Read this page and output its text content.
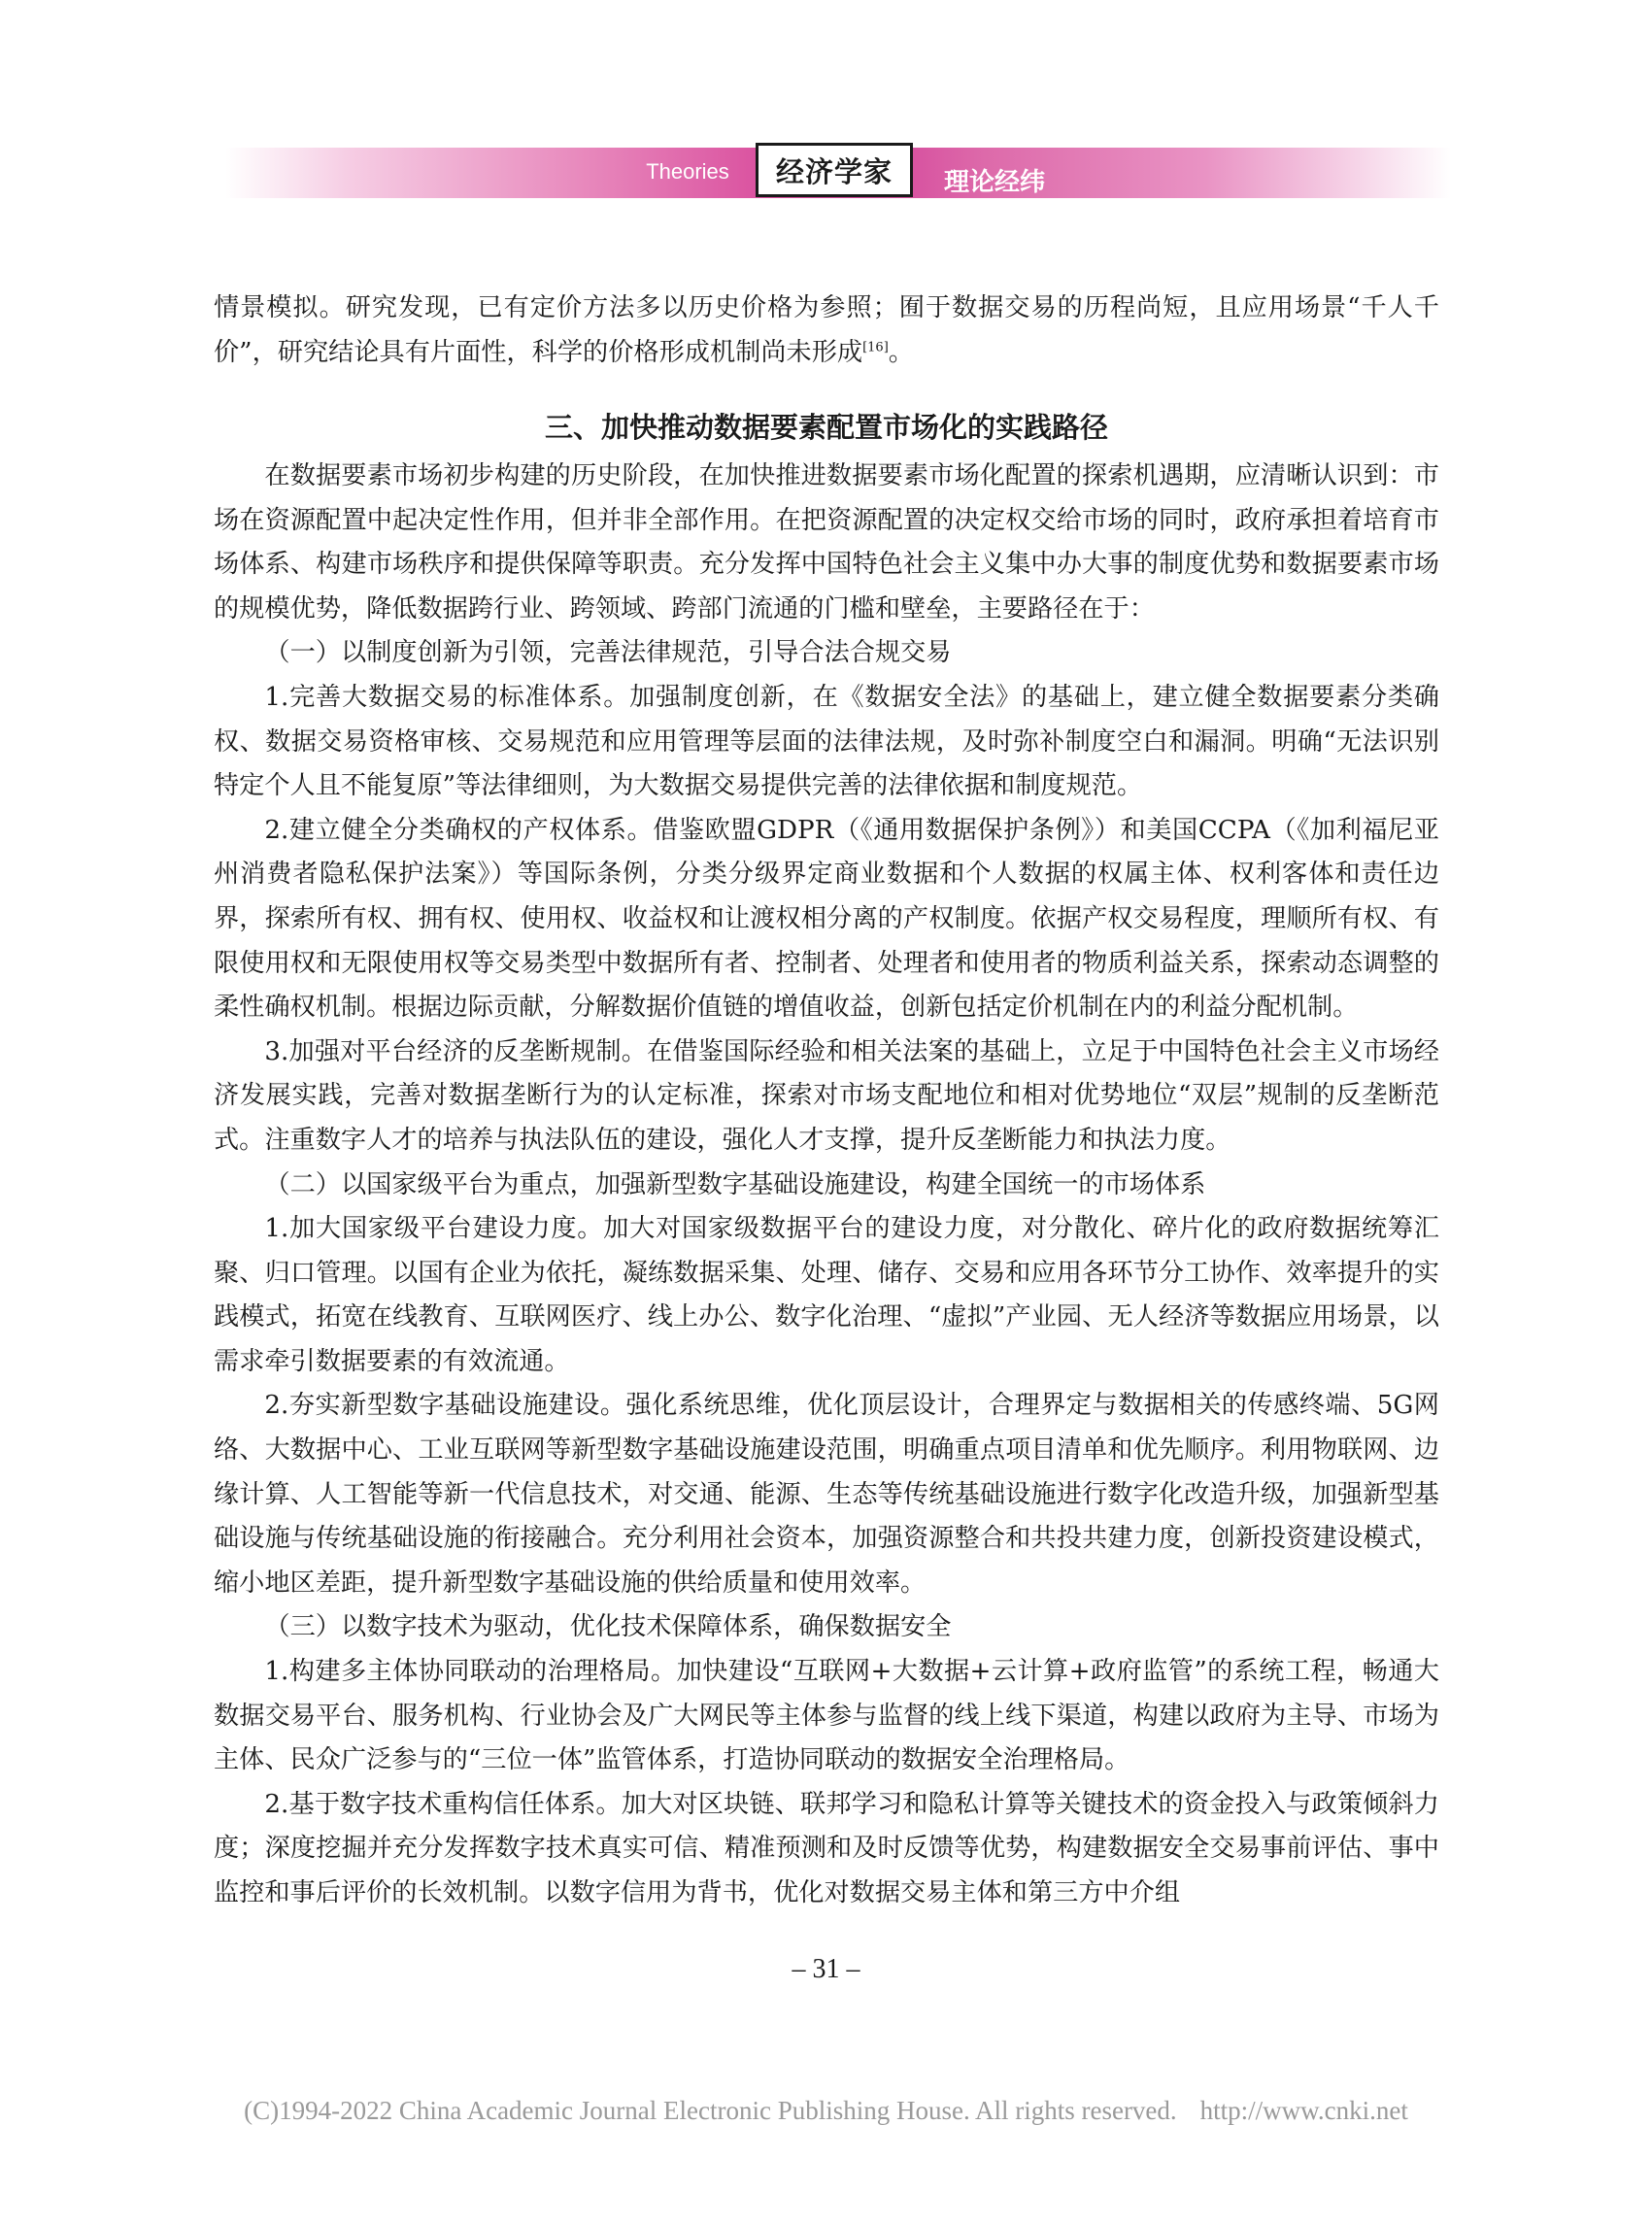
Theories	经济学家 理论经纬

情景模拟。研究发现，已有定价方法多以历史价格为参照；囿于数据交易的历程尚短，且应用场景“千人千价”，研究结论具有片面性，科学的价格形成机制尚未形成[16]。

三、加快推动数据要素配置市场化的实践路径

在数据要素市场初步构建的历史阶段，在加快推进数据要素市场化配置的探索机遇期，应清晰认识到：市场在资源配置中起决定性作用，但并非全部作用。在把资源配置的决定权交给市场的同时，政府承担着培育市场体系、构建市场秩序和提供保障等职责。充分发挥中国特色社会主义集中办大事的制度优势和数据要素市场的规模优势，降低数据跨行业、跨领域、跨部门流通的门槛和壁垒，主要路径在于：

（一）以制度创新为引领，完善法律规范，引导合法合规交易

1.完善大数据交易的标准体系。加强制度创新，在《数据安全法》的基础上，建立健全数据要素分类确权、数据交易资格审核、交易规范和应用管理等层面的法律法规，及时弥补制度空白和漏洞。明确“无法识别特定个人且不能复原”等法律细则，为大数据交易提供完善的法律依据和制度规范。

2.建立健全分类确权的产权体系。借鉴欧盟GDPR（《通用数据保护条例》）和美国CCPA（《加利福尼亚州消费者隐私保护法案》）等国际条例，分类分级界定商业数据和个人数据的权属主体、权利客体和责任边界，探索所有权、拥有权、使用权、收益权和让渡权相分离的产权制度。依据产权交易程度，理顺所有权、有限使用权和无限使用权等交易类型中数据所有者、控制者、处理者和使用者的物质利益关系，探索动态调整的柔性确权机制。根据边际贡献，分解数据价值链的增值收益，创新包括定价机制在内的利益分配机制。

3.加强对平台经济的反垄断规制。在借鉴国际经验和相关法案的基础上，立足于中国特色社会主义市场经济发展实践，完善对数据垄断行为的认定标准，探索对市场支配地位和相对优势地位“双层”规制的反垄断范式。注重数字人才的培养与执法队伍的建设，强化人才支撑，提升反垄断能力和执法力度。

（二）以国家级平台为重点，加强新型数字基础设施建设，构建全国统一的市场体系

1.加大国家级平台建设力度。加大对国家级数据平台的建设力度，对分散化、碎片化的政府数据统筹汇聚、归口管理。以国有企业为依托，凝练数据采集、处理、储存、交易和应用各环节分工协作、效率提升的实践模式，拓宽在线教育、互联网医疗、线上办公、数字化治理、“虚拟”产业园、无人经济等数据应用场景，以需求牵引数据要素的有效流通。

2.夯实新型数字基础设施建设。强化系统思维，优化顶层设计，合理界定与数据相关的传感终端、5G网络、大数据中心、工业互联网等新型数字基础设施建设范围，明确重点项目清单和优先顺序。利用物联网、边缘计算、人工智能等新一代信息技术，对交通、能源、生态等传统基础设施进行数字化改造升级，加强新型基础设施与传统基础设施的衔接融合。充分利用社会资本，加强资源整合和共投共建力度，创新投资建设模式，缩小地区差距，提升新型数字基础设施的供给质量和使用效率。

（三）以数字技术为驱动，优化技术保障体系，确保数据安全

1.构建多主体协同联动的治理格局。加快建设“互联网+大数据+云计算+政府监管”的系统工程，畅通大数据交易平台、服务机构、行业协会及广大网民等主体参与监督的线上线下渠道，构建以政府为主导、市场为主体、民众广泛参与的“三位一体”监管体系，打造协同联动的数据安全治理格局。

2.基于数字技术重构信任体系。加大对区块链、联邦学习和隐私计算等关键技术的资金投入与政策倾斜力度；深度挖掘并充分发挥数字技术真实可信、精准预测和及时反馈等优势，构建数据安全交易事前评估、事中监控和事后评价的长效机制。以数字信用为背书，优化对数据交易主体和第三方中介组

– 31 –
(C)1994-2022 China Academic Journal Electronic Publishing House. All rights reserved. http://www.cnki.net
